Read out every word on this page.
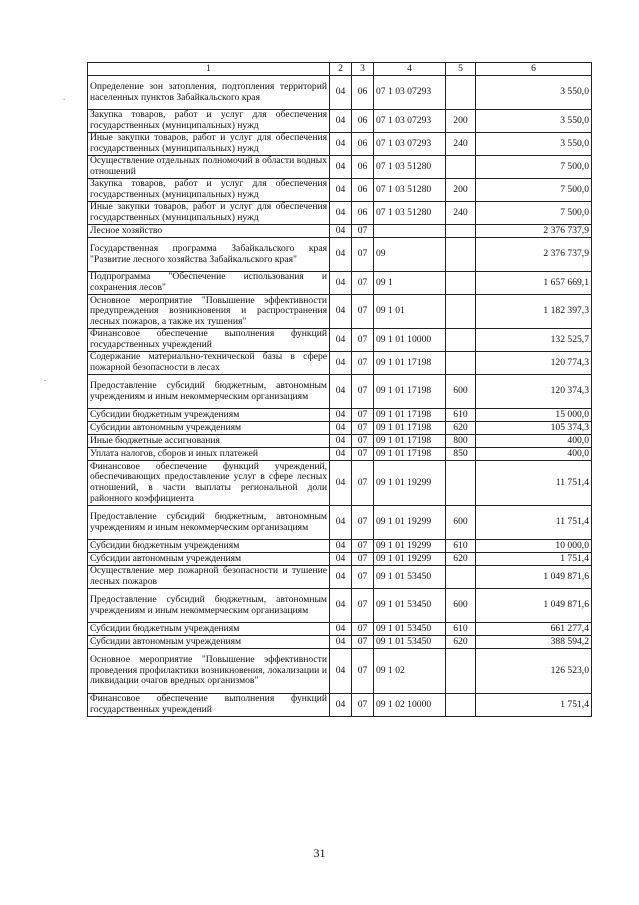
1	2	3	4	5	6
Определение зон затопления, подтопления территорий населенных пунктов Забайкальского края	04	06	07 1 03 07293		3 550,0
Закупка товаров, работ и услуг для обеспечения государственных (муниципальных) нужд	04	06	07 1 03 07293	200	3 550,0
Иные закупки товаров, работ и услуг для обеспечения государственных (муниципальных) нужд	04	06	07 1 03 07293	240	3 550,0
Осуществление отдельных полномочий в области водных отношений	04	06	07 1 03 51280		7 500,0
Закупка товаров, работ и услуг для обеспечения государственных (муниципальных) нужд	04	06	07 1 03 51280	200	7 500,0
Иные закупки товаров, работ и услуг для обеспечения государственных (муниципальных) нужд	04	06	07 1 03 51280	240	7 500,0
Лесное хозяйство	04	07			2 376 737,9
Государственная программа Забайкальского края "Развитие лесного хозяйства Забайкальского края"	04	07	09		2 376 737,9
Подпрограмма "Обеспечение использования и сохранения лесов"	04	07	09 1		1 657 669,1
Основное мероприятие "Повышение эффективности предупреждения возникновения и распространения лесных пожаров, а также их тушения"	04	07	09 1 01		1 182 397,3
Финансовое обеспечение выполнения функций государственных учреждений	04	07	09 1 01 10000		132 525,7
Содержание материально-технической базы в сфере пожарной безопасности в лесах	04	07	09 1 01 17198		120 774,3
Предоставление субсидий бюджетным, автономным учреждениям и иным некоммерческим организациям	04	07	09 1 01 17198	600	120 374,3
Субсидии бюджетным учреждениям	04	07	09 1 01 17198	610	15 000,0
Субсидии автономным учреждениям	04	07	09 1 01 17198	620	105 374,3
Иные бюджетные ассигнования	04	07	09 1 01 17198	800	400,0
Уплата налогов, сборов и иных платежей	04	07	09 1 01 17198	850	400,0
Финансовое обеспечение функций учреждений, обеспечивающих предоставление услуг в сфере лесных отношений, в части выплаты региональной доли районного коэффициента	04	07	09 1 01 19299		11 751,4
Предоставление субсидий бюджетным, автономным учреждениям и иным некоммерческим организациям	04	07	09 1 01 19299	600	11 751,4
Субсидии бюджетным учреждениям	04	07	09 1 01 19299	610	10 000,0
Субсидии автономным учреждениям	04	07	09 1 01 19299	620	1 751,4
Осуществление мер пожарной безопасности и тушение лесных пожаров	04	07	09 1 01 53450		1 049 871,6
Предоставление субсидий бюджетным, автономным учреждениям и иным некоммерческим организациям	04	07	09 1 01 53450	600	1 049 871,6
Субсидии бюджетным учреждениям	04	07	09 1 01 53450	610	661 277,4
Субсидии автономным учреждениям	04	07	09 1 01 53450	620	388 594,2
Основное мероприятие "Повышение эффективности проведения профилактики возникновения, локализации и ликвидации очагов вредных организмов"	04	07	09 1 02		126 523,0
Финансовое обеспечение выполнения функций государственных учреждений	04	07	09 1 02 10000		1 751,4
.
.
31
